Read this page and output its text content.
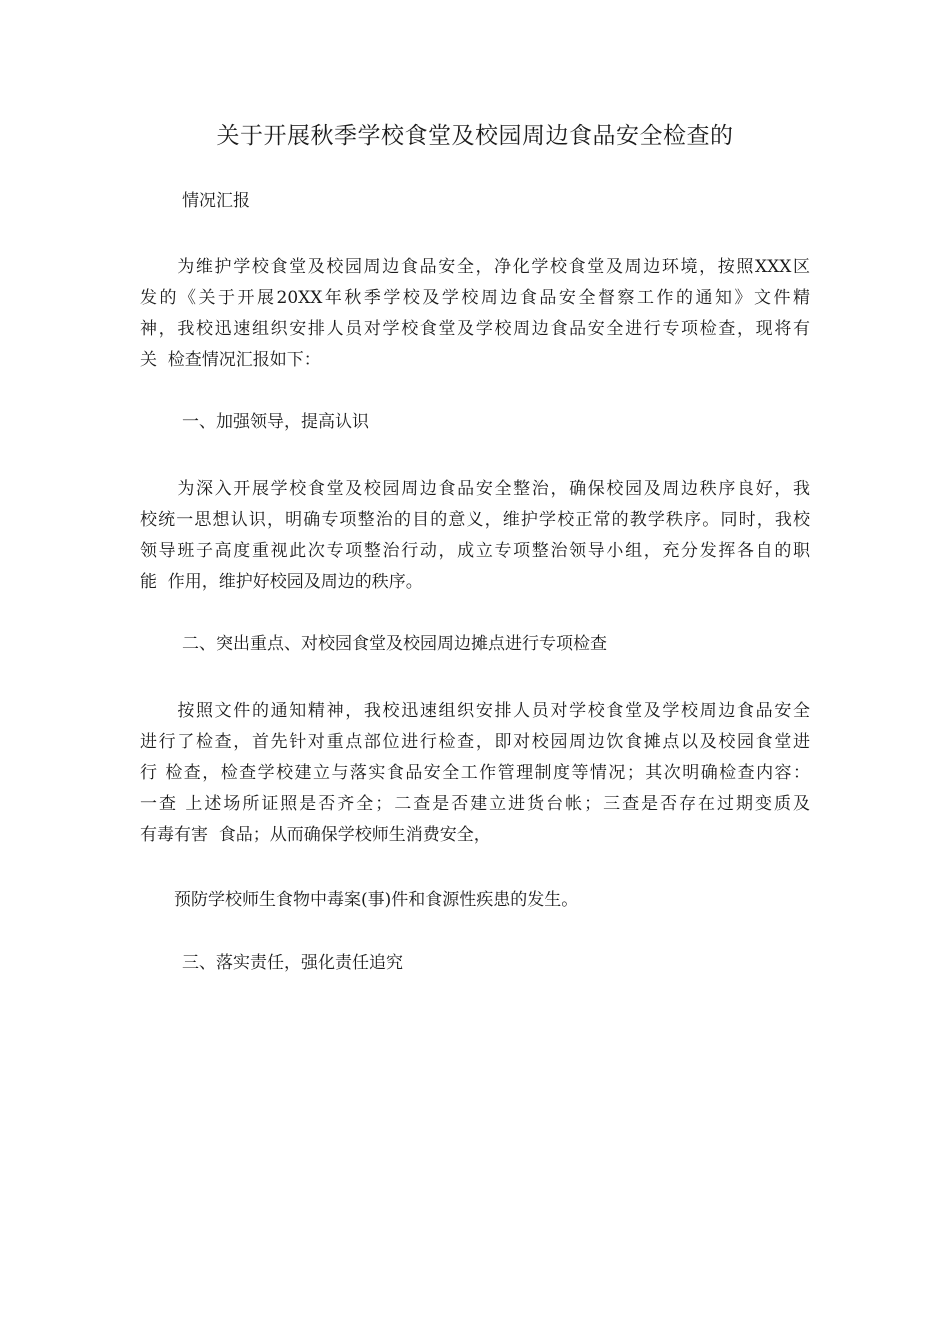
关于开展秋季学校食堂及校园周边食品安全检查的
情况汇报
　　为维护学校食堂及校园周边食品安全，净化学校食堂及周边环境，按照XXX区
发的《关于开展20XX年秋季学校及学校周边食品安全督察工作的通知》文件精
神，我校迅速组织安排人员对学校食堂及学校周边食品安全进行专项检查，现将有
关  检查情况汇报如下：
一、加强领导，提高认识
　　为深入开展学校食堂及校园周边食品安全整治，确保校园及周边秩序良好，我
校统一思想认识，明确专项整治的目的意义，维护学校正常的教学秩序。同时，我校
领导班子高度重视此次专项整治行动，成立专项整治领导小组，充分发挥各自的职
能  作用，维护好校园及周边的秩序。
二、突出重点、对校园食堂及校园周边摊点进行专项检查
　　按照文件的通知精神，我校迅速组织安排人员对学校食堂及学校周边食品安全
进行了检查，首先针对重点部位进行检查，即对校园周边饮食摊点以及校园食堂进
行 检查，检查学校建立与落实食品安全工作管理制度等情况；其次明确检查内容：
一查 上述场所证照是否齐全；二查是否建立进货台帐；三查是否存在过期变质及
有毒有害  食品；从而确保学校师生消费安全，
　　预防学校师生食物中毒案(事)件和食源性疾患的发生。
三、落实责任，强化责任追究
